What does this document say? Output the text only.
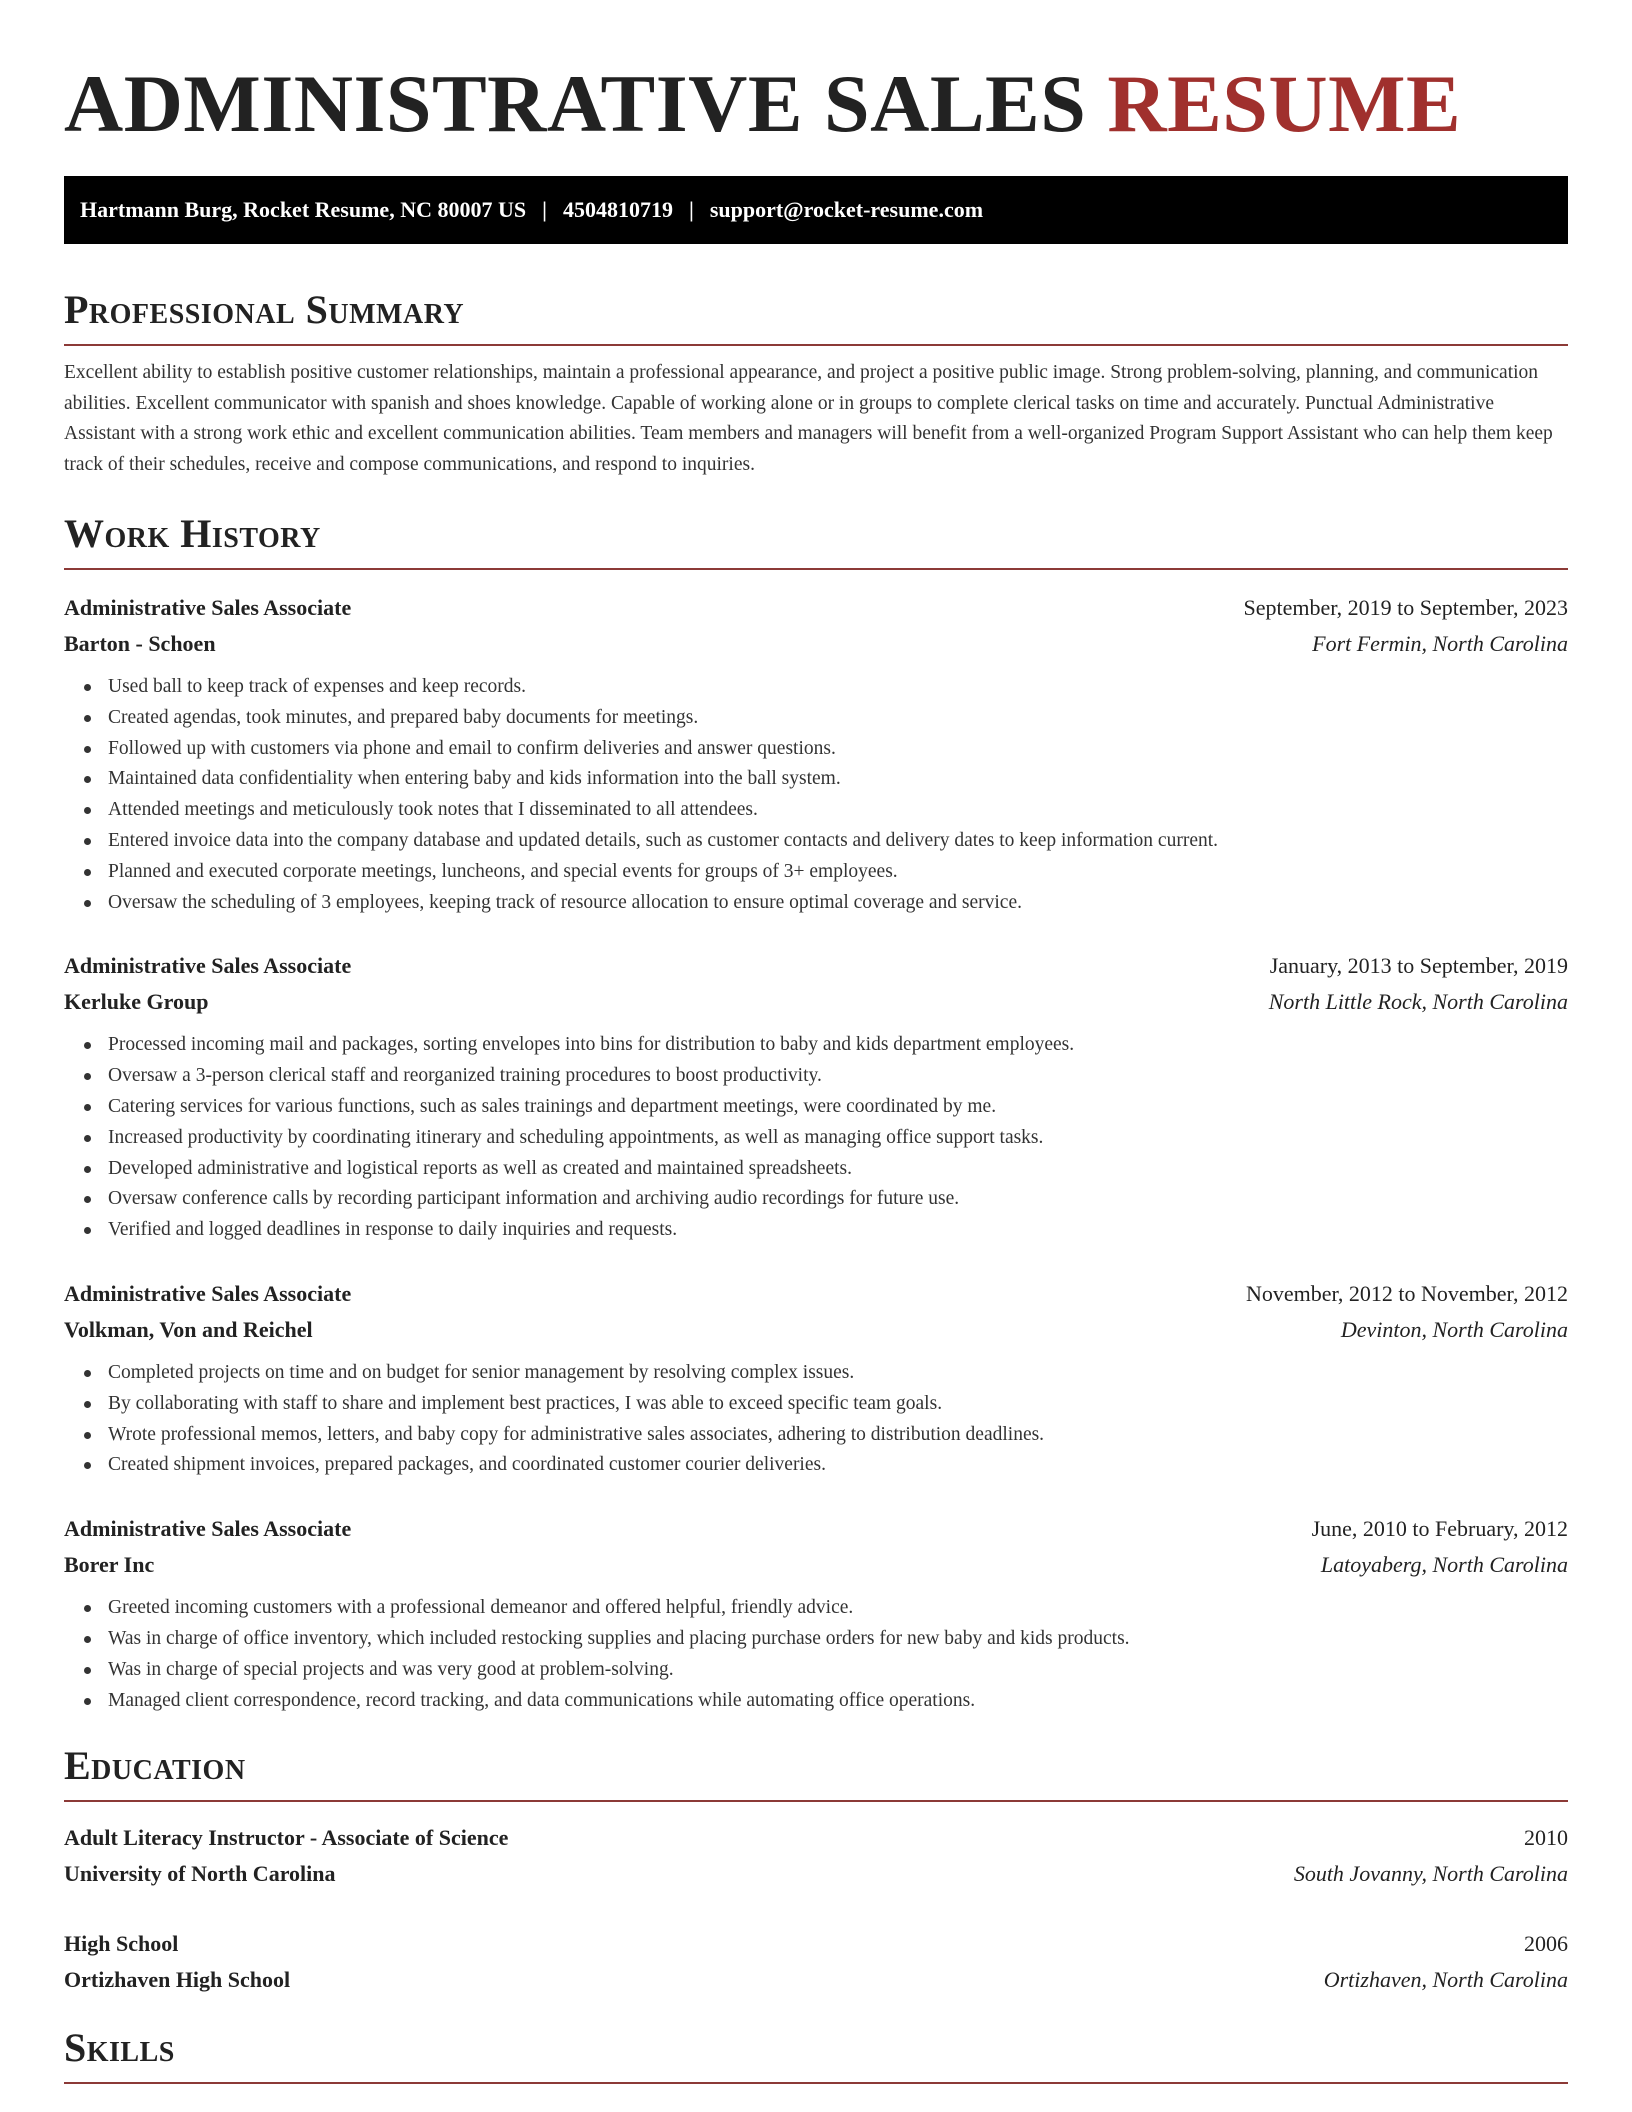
ADMINISTRATIVE SALES RESUME
Hartmann Burg, Rocket Resume, NC 80007 US | 4504810719 | support@rocket-resume.com
Professional Summary

Excellent ability to establish positive customer relationships, maintain a professional appearance, and project a positive public image. Strong problem-solving, planning, and communication abilities. Excellent communicator with spanish and shoes knowledge. Capable of working alone or in groups to complete clerical tasks on time and accurately. Punctual Administrative Assistant with a strong work ethic and excellent communication abilities. Team members and managers will benefit from a well-organized Program Support Assistant who can help them keep track of their schedules, receive and compose communications, and respond to inquiries.

Work History
Administrative Sales Associate	September, 2019 to September, 2023
Barton - Schoen	Fort Fermin, North Carolina
Used ball to keep track of expenses and keep records.
Created agendas, took minutes, and prepared baby documents for meetings.
Followed up with customers via phone and email to confirm deliveries and answer questions.
Maintained data confidentiality when entering baby and kids information into the ball system.
Attended meetings and meticulously took notes that I disseminated to all attendees.
Entered invoice data into the company database and updated details, such as customer contacts and delivery dates to keep information current.
Planned and executed corporate meetings, luncheons, and special events for groups of 3+ employees.
Oversaw the scheduling of 3 employees, keeping track of resource allocation to ensure optimal coverage and service.
Administrative Sales Associate	January, 2013 to September, 2019
Kerluke Group	North Little Rock, North Carolina
Processed incoming mail and packages, sorting envelopes into bins for distribution to baby and kids department employees.
Oversaw a 3-person clerical staff and reorganized training procedures to boost productivity.
Catering services for various functions, such as sales trainings and department meetings, were coordinated by me.
Increased productivity by coordinating itinerary and scheduling appointments, as well as managing office support tasks.
Developed administrative and logistical reports as well as created and maintained spreadsheets.
Oversaw conference calls by recording participant information and archiving audio recordings for future use.
Verified and logged deadlines in response to daily inquiries and requests.
Administrative Sales Associate	November, 2012 to November, 2012
Volkman, Von and Reichel	Devinton, North Carolina
Completed projects on time and on budget for senior management by resolving complex issues.
By collaborating with staff to share and implement best practices, I was able to exceed specific team goals.
Wrote professional memos, letters, and baby copy for administrative sales associates, adhering to distribution deadlines.
Created shipment invoices, prepared packages, and coordinated customer courier deliveries.
Administrative Sales Associate	June, 2010 to February, 2012
Borer Inc	Latoyaberg, North Carolina
Greeted incoming customers with a professional demeanor and offered helpful, friendly advice.
Was in charge of office inventory, which included restocking supplies and placing purchase orders for new baby and kids products.
Was in charge of special projects and was very good at problem-solving.
Managed client correspondence, record tracking, and data communications while automating office operations.
Education
Adult Literacy Instructor - Associate of Science	2010
University of North Carolina	South Jovanny, North Carolina
High School	2006
Ortizhaven High School	Ortizhaven, North Carolina
Skills
